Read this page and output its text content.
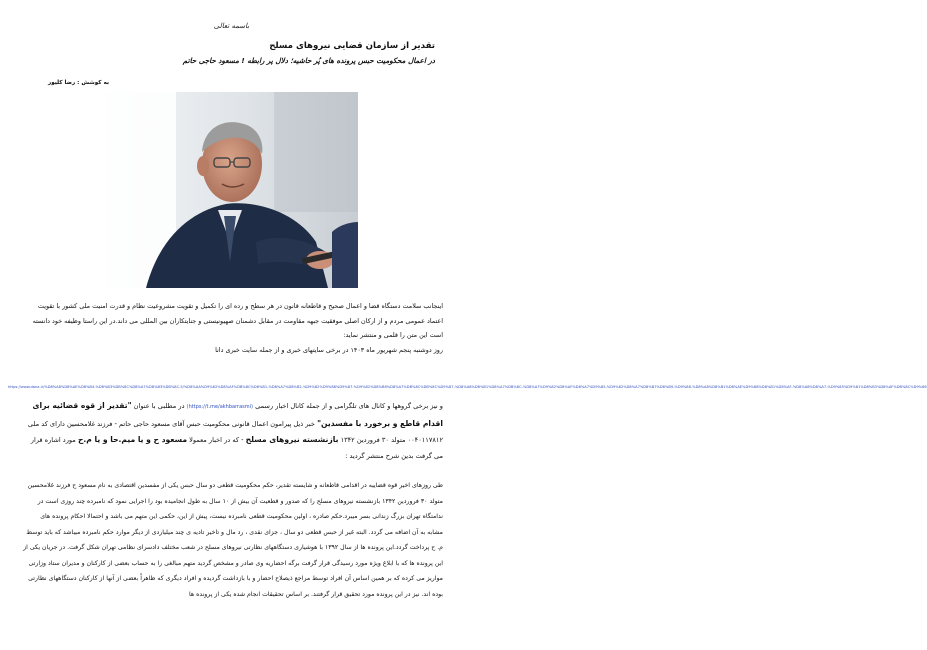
باسمه تعالی
تقدیر از سازمان قضایی نیروهای مسلح
در اعمال محکومیت حبس پرونده های پُر حاشیه؛ دلال پر رابطه ! مسعود حاجی حاتم
به کوشش : رضا کلیور
اینجانب سلامت دستگاه قضا و اعمال صحیح و قاطعانه قانون در هر سطح و رده ای را تکمیل و تقویت مشروعیت نظام و قدرت امنیت ملی کشور با تقویت اعتماد عمومی مردم و از ارکان اصلی موفقیت جبهه مقاومت در مقابل دشمنان صهیونیستی و جنایتکاران بین المللی می داند.در این راستا وظیفه خود دانسته است این متن را قلمی و منتشر نماید:
روز دوشنبه پنجم شهریور ماه ۱۴۰۳ در برخی سایتهای خبری و از جمله سایت خبری دانا
https://www.dana.ir/%D8%A8%D8%AE%D8%B4-%D8%B3%DB%8C%D8%A7%D8%B3%DB%8C-5/%D8%AA%D9%82%D8%AF%DB%8C%D8%B1-%D8%A7%D8%B2-%D9%82%D9%88%D9%87-%D9%82%D8%B6%D8%A7%DB%8C%DB%8C%D9%87-%D8%A8%D8%B1%D8%A7%DB%8C-%D8%A7%D9%82%D8%AF%D8%A7%D9%85-%D9%82%D8%A7%D8%B7%D8%B9-%D9%88-%D8%A8%D8%B1%D8%AE%D9%88%D8%B1%D8%AF-%D8%A8%D8%A7-%D9%85%D9%81%D8%B3%D8%AF%DB%8C%D9%86
و نیز برخی گروهها و کانال های تلگرامی و از جمله کانال اخبار رسمی (https://t.me/akhbarrasmi) در مطلبی با عنوان "تقدیر از قوه قضائیه برای اقدام قاطع و برخورد با مفسدین" خبر ذیل پیرامون اعمال قانونی محکومیت حبس آقای مسعود حاجی حاتم - فرزند غلامحسین دارای کد ملی ۰۰۴۰۱۱۷۸۱۲ متولد ۳۰ فروردین ۱۳۴۲ بازنشسته نیروهای مسلح - که در اخبار معمولا مسعود ح و یا میم.حا و یا م.ح مورد اشاره قرار می گرفت بدین شرح منتشر گردید :
طی روزهای اخیر قوه قضاییه در اقدامی قاطعانه و شایسته تقدیر، حکم محکومیت قطعی دو سال حبس یکی از مفسدین اقتصادی به نام مسعود ح فرزند غلامحسین متولد ۳۰ فروردین ۱۳۴۲ بازنشسته نیروهای مسلح را که صدور و قطعیت آن بیش از ۱۰ سال به طول انجامیده بود را اجرایی نمود که نامبرده چند روزی است در ندامتگاه تهران بزرگ زندانی بسر میبرد.حکم صادره ، اولین محکومیت قطعی نامبرده نیست، پیش از این، حکمی این متهم می باشد و احتمالا احکام پرونده های مشابه به آن اضافه می گردد. البته غیر از حبس قطعی دو سال ، جزای نقدی ، رد مال و تاخیر تادیه ی چند میلیاردی از دیگر موارد حکم نامبرده میباشد که باید توسط م. ح پرداخت گردد.این پرونده ها از سال ۱۳۹۲ با هوشیاری دستگاههای نظارتی نیروهای مسلح در شعب مختلف دادسرای نظامی تهران شکل گرفت. در جریان یکی از این پرونده ها که با ابلاغ ویژه مورد رسیدگی قرار گرفت برگه احضاریه وی صادر و مشخص گردید متهم مبالغی را به حساب بعضی از کارکنان و مدیران ستاد وزارتی مواریز می کرده که بر همین اساس آن افراد توسط مراجع ذیصلاح احضار و با بازداشت گردیده و افراد دیگری که ظاهراً بعضی از آنها از کارکنان دستگاههای نظارتی بوده اند. نیز در این پرونده مورد تحقیق قرار گرفتند. بر اساس تحقیقات انجام شده یکی از پرونده ها
